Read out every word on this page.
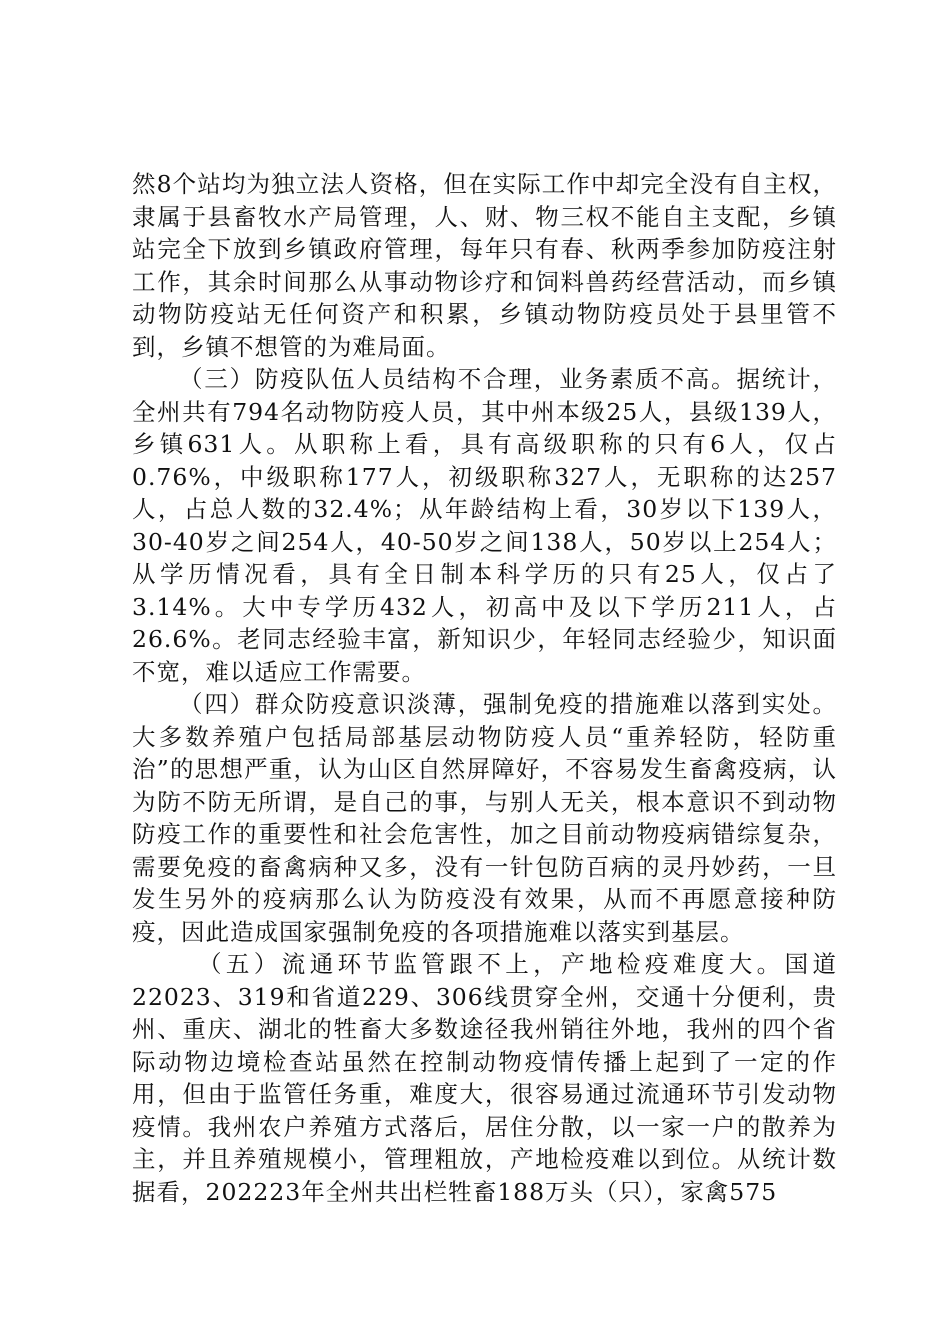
然8个站均为独立法人资格，但在实际工作中却完全没有自主权，隶属于县畜牧水产局管理，人、财、物三权不能自主支配，乡镇站完全下放到乡镇政府管理，每年只有春、秋两季参加防疫注射工作，其余时间那么从事动物诊疗和饲料兽药经营活动，而乡镇动物防疫站无任何资产和积累，乡镇动物防疫员处于县里管不到，乡镇不想管的为难局面。

（三）防疫队伍人员结构不合理，业务素质不高。据统计，全州共有794名动物防疫人员，其中州本级25人，县级139人，乡镇631人。从职称上看，具有高级职称的只有6人，仅占0.76%，中级职称177人，初级职称327人，无职称的达257人，占总人数的32.4%；从年龄结构上看，30岁以下139人，30-40岁之间254人，40-50岁之间138人，50岁以上254人；从学历情况看，具有全日制本科学历的只有25人，仅占了3.14%。大中专学历432人，初高中及以下学历211人，占26.6%。老同志经验丰富，新知识少，年轻同志经验少，知识面不宽，难以适应工作需要。

（四）群众防疫意识淡薄，强制免疫的措施难以落到实处。大多数养殖户包括局部基层动物防疫人员“重养轻防，轻防重治”的思想严重，认为山区自然屏障好，不容易发生畜禽疫病，认为防不防无所谓，是自己的事，与别人无关，根本意识不到动物防疫工作的重要性和社会危害性，加之目前动物疫病错综复杂，需要免疫的畜禽病种又多，没有一针包防百病的灵丹妙药，一旦发生另外的疫病那么认为防疫没有效果，从而不再愿意接种防疫，因此造成国家强制免疫的各项措施难以落实到基层。

（五）流通环节监管跟不上，产地检疫难度大。国道22023、319和省道229、306线贯穿全州，交通十分便利，贵州、重庆、湖北的牲畜大多数途径我州销往外地，我州的四个省际动物边境检查站虽然在控制动物疫情传播上起到了一定的作用，但由于监管任务重，难度大，很容易通过流通环节引发动物疫情。我州农户养殖方式落后，居住分散，以一家一户的散养为主，并且养殖规模小，管理粗放，产地检疫难以到位。从统计数据看，202223年全州共出栏牲畜188万头（只），家禽575
